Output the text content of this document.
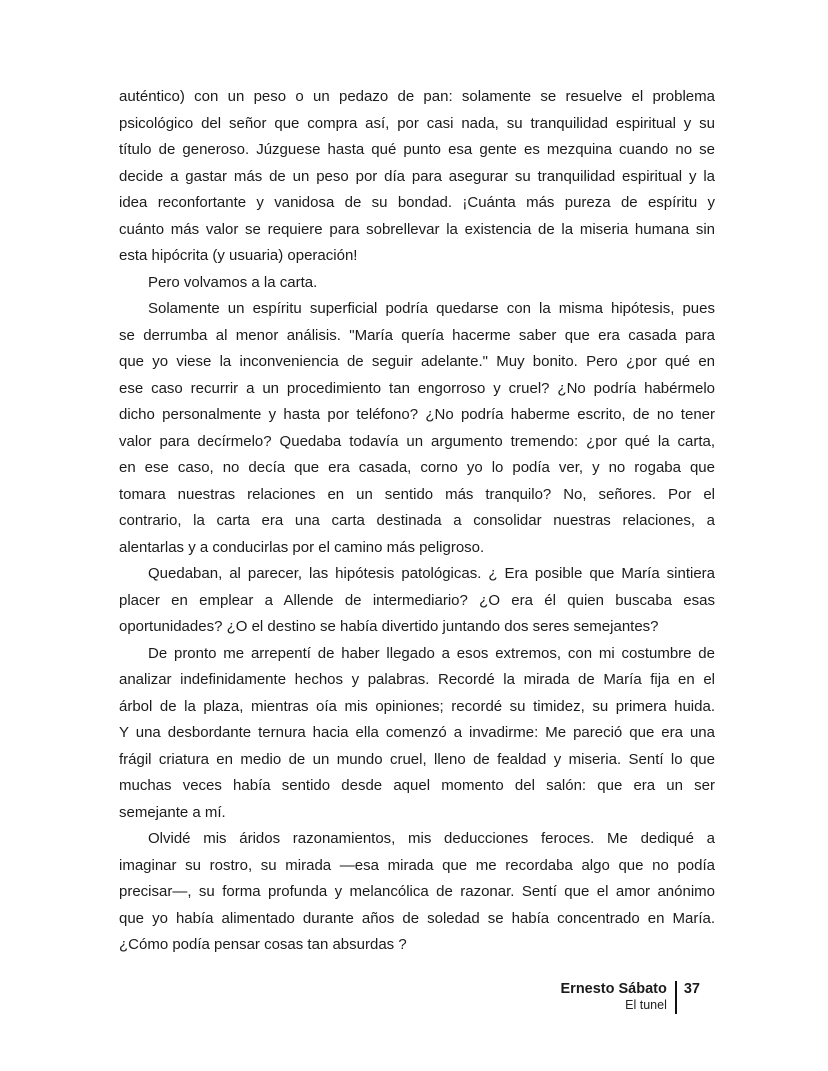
auténtico) con un peso o un pedazo de pan: solamente se resuelve el problema
psicológico del señor que compra así, por casi nada, su tranquilidad espiritual y su
título de generoso. Júzguese hasta qué punto esa gente es mezquina cuando no se
decide a gastar más de un peso por día para asegurar su tranquilidad espiritual y la
idea reconfortante y vanidosa de su bondad. ¡Cuánta más pureza de espíritu y
cuánto más valor se requiere para sobrellevar la existencia de la miseria humana sin
esta hipócrita (y usuaria) operación!
Pero volvamos a la carta.
Solamente un espíritu superficial podría quedarse con la misma hipótesis, pues
se derrumba al menor análisis. "María quería hacerme saber que era casada para
que yo viese la inconveniencia de seguir adelante." Muy bonito. Pero ¿por qué en
ese caso recurrir a un procedimiento tan engorroso y cruel? ¿No podría habérmelo
dicho personalmente y hasta por teléfono? ¿No podría haberme escrito, de no tener
valor para decírmelo? Quedaba todavía un argumento tremendo: ¿por qué la carta,
en ese caso, no decía que era casada, corno yo lo podía ver, y no rogaba que
tomara nuestras relaciones en un sentido más tranquilo? No, señores. Por el
contrario, la carta era una carta destinada a consolidar nuestras relaciones, a
alentarlas y a conducirlas por el camino más peligroso.
Quedaban, al parecer, las hipótesis patológicas. ¿ Era posible que María sintiera
placer en emplear a Allende de intermediario? ¿O era él quien buscaba esas
oportunidades? ¿O el destino se había divertido juntando dos seres semejantes?
De pronto me arrepentí de haber llegado a esos extremos, con mi costumbre de
analizar indefinidamente hechos y palabras. Recordé la mirada de María fija en el
árbol de la plaza, mientras oía mis opiniones; recordé su timidez, su primera huida.
Y una desbordante ternura hacia ella comenzó a invadirme: Me pareció que era una
frágil criatura en medio de un mundo cruel, lleno de fealdad y miseria. Sentí lo que
muchas veces había sentido desde aquel momento del salón: que era un ser
semejante a mí.
Olvidé mis áridos razonamientos, mis deducciones feroces. Me dediqué a
imaginar su rostro, su mirada —esa mirada que me recordaba algo que no podía
precisar—, su forma profunda y melancólica de razonar. Sentí que el amor anónimo
que yo había alimentado durante años de soledad se había concentrado en María.
¿Cómo podía pensar cosas tan absurdas ?
Ernesto Sábato
El tunel
37
